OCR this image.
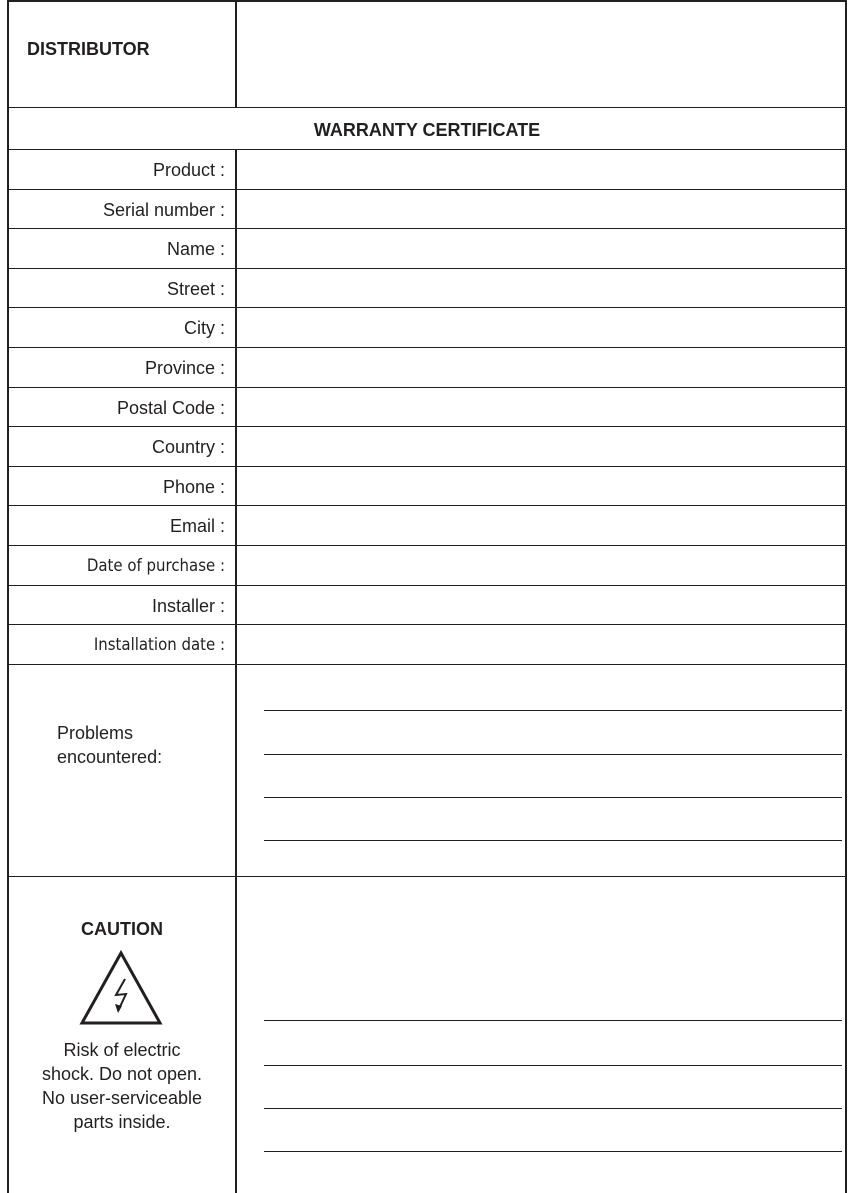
DISTRIBUTOR
WARRANTY CERTIFICATE
Product :
Serial number :
Name :
Street :
City :
Province :
Postal Code :
Country :
Phone :
Email :
Date of purchase :
Installer :
Installation date :
Problems
encountered:
CAUTION
Risk of electric
shock. Do not open.
No user-serviceable
parts inside.
